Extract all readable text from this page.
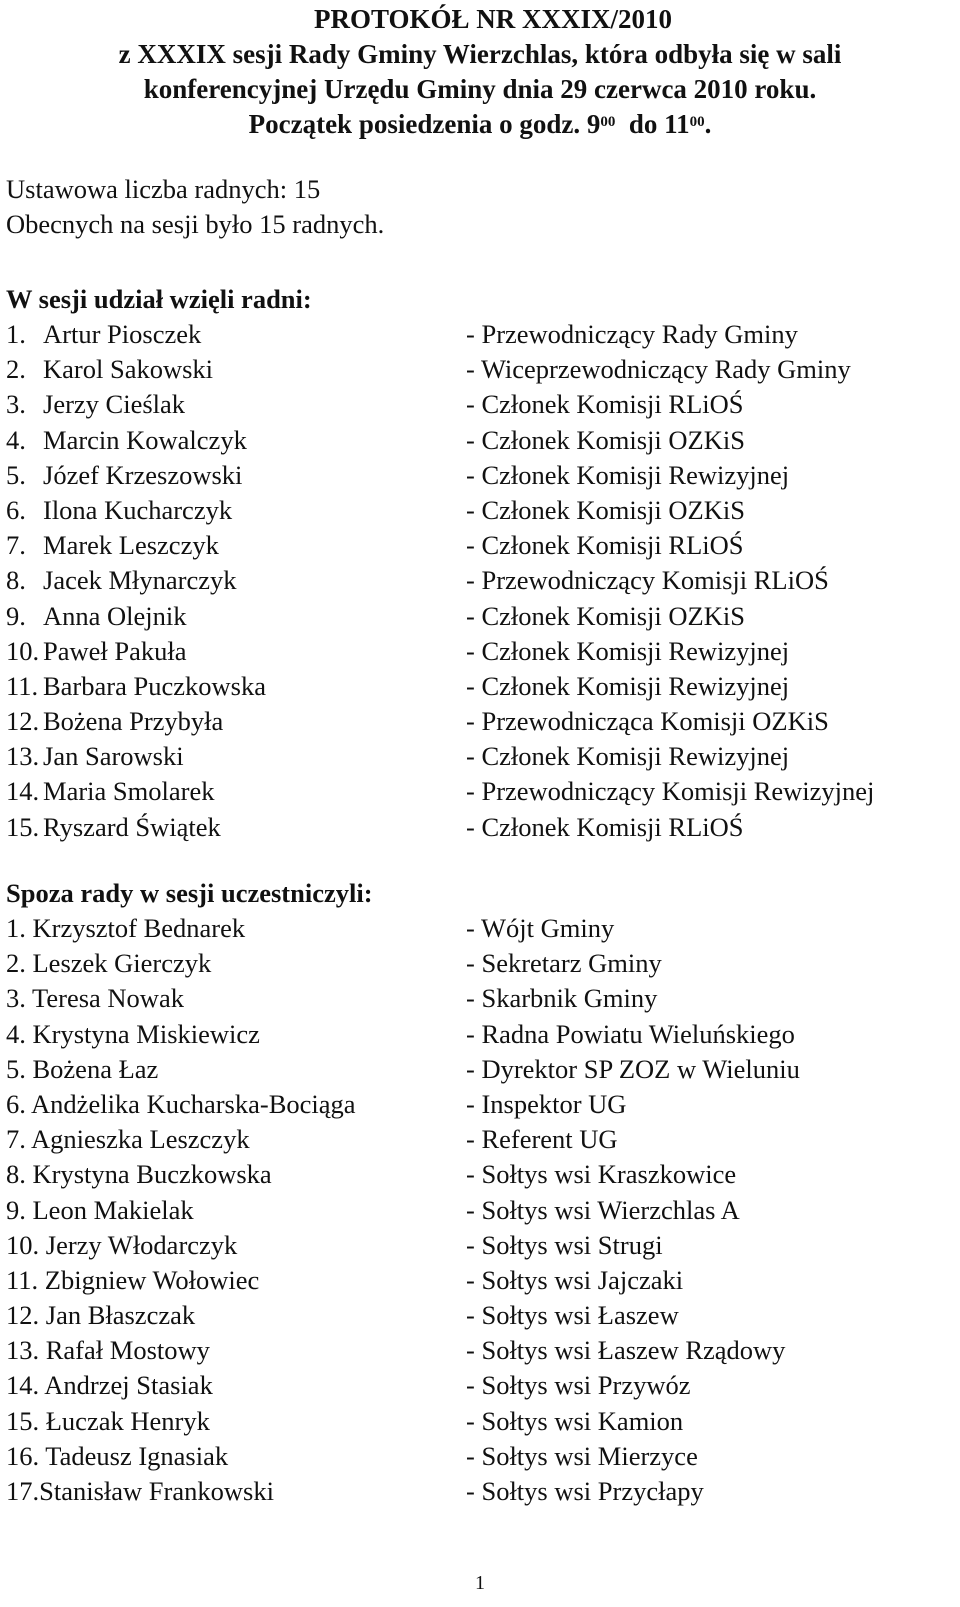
PROTOKÓŁ NR XXXIX/2010
z XXXIX sesji Rady Gminy Wierzchlas, która odbyła się w sali
konferencyjnej Urzędu Gminy dnia 29 czerwca 2010 roku.
Początek posiedzenia o godz. $9^{00}$ do $11^{00}$.
Ustawowa liczba radnych: 15
Obecnych na sesji było 15 radnych.
W sesji udział wzięli radni:
1. Artur Piosczek	- Przewodniczący Rady Gminy
2. Karol Sakowski	- Wiceprzewodniczący Rady Gminy
3. Jerzy Cieślak	- Członek Komisji RLiOŚ
4. Marcin Kowalczyk	- Członek Komisji OZKiS
5. Józef Krzeszowski	- Członek Komisji Rewizyjnej
6. Ilona Kucharczyk	- Członek Komisji OZKiS
7. Marek Leszczyk	- Członek Komisji RLiOŚ
8. Jacek Młynarczyk	- Przewodniczący Komisji RLiOŚ
9. Anna Olejnik	- Członek Komisji OZKiS
10. Paweł Pakuła	- Członek Komisji Rewizyjnej
11. Barbara Puczkowska	- Członek Komisji Rewizyjnej
12. Bożena Przybyła	- Przewodnicząca Komisji OZKiS
13. Jan Sarowski	- Członek Komisji Rewizyjnej
14. Maria Smolarek	- Przewodniczący Komisji Rewizyjnej
15. Ryszard Świątek	- Członek Komisji RLiOŚ
Spoza rady w sesji uczestniczyli:
1. Krzysztof Bednarek	- Wójt Gminy
2. Leszek Gierczyk	- Sekretarz Gminy
3. Teresa Nowak	- Skarbnik Gminy
4. Krystyna Miskiewicz	- Radna Powiatu Wieluńskiego
5. Bożena Łaz	- Dyrektor SP ZOZ w Wieluniu
6. Andżelika Kucharska-Bociąga	- Inspektor UG
7. Agnieszka Leszczyk	- Referent UG
8. Krystyna Buczkowska	- Sołtys wsi Kraszkowice
9. Leon Makielak	- Sołtys wsi Wierzchlas A
10. Jerzy Włodarczyk	- Sołtys wsi Strugi
11. Zbigniew Wołowiec	- Sołtys wsi Jajczaki
12. Jan Błaszczak	- Sołtys wsi Łaszew
13. Rafał Mostowy	- Sołtys wsi Łaszew Rządowy
14. Andrzej Stasiak	- Sołtys wsi Przywóz
15. Łuczak Henryk	- Sołtys wsi Kamion
16. Tadeusz Ignasiak	- Sołtys wsi Mierzyce
17.Stanisław Frankowski	- Sołtys wsi Przycłapy
1
